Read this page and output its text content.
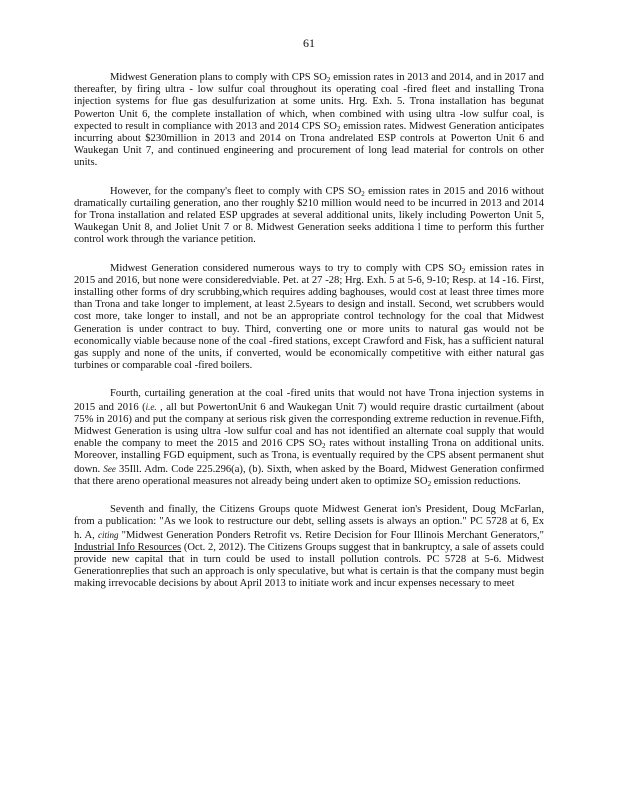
61

Midwest Generation plans to comply with CPS $SO_2$ emission rates in 2013 and 2014, and in 2017 and thereafter, by firing ultra - low sulfur coal throughout its operating coal -fired fleet and installing Trona injection systems for flue gas desulfurization at some units. Hrg. Exh. 5. Trona installation has begunat Powerton Unit 6, the complete installation of which, when combined with using ultra -low sulfur coal, is expected to result in compliance with 2013 and 2014 CPS $SO_2$ emission rates. Midwest Generation anticipates incurring about $230million in 2013 and 2014 on Trona andrelated ESP controls at Powerton Unit 6 and Waukegan Unit 7, and continued engineering and procurement of long lead material for controls on other units.

However, for the company's fleet to comply with CPS $SO_2$ emission rates in 2015 and 2016 without dramatically curtailing generation, ano ther roughly $210 million would need to be incurred in 2013 and 2014 for Trona installation and related ESP upgrades at several additional units, likely including Powerton Unit 5, Waukegan Unit 8, and Joliet Unit 7 or 8. Midwest Generation seeks additiona l time to perform this further control work through the variance petition.

Midwest Generation considered numerous ways to try to comply with CPS $SO_2$ emission rates in 2015 and 2016, but none were consideredviable. Pet. at 27 -28; Hrg. Exh. 5 at 5-6, 9-10; Resp. at 14 -16. First, installing other forms of dry scrubbing,which requires adding baghouses, would cost at least three times more than Trona and take longer to implement, at least 2.5years to design and install. Second, wet scrubbers would cost more, take longer to install, and not be an appropriate control technology for the coal that Midwest Generation is under contract to buy. Third, converting one or more units to natural gas would not be economically viable because none of the coal -fired stations, except Crawford and Fisk, has a sufficient natural gas supply and none of the units, if converted, would be economically competitive with either natural gas turbines or comparable coal -fired boilers.

Fourth, curtailing generation at the coal -fired units that would not have Trona injection systems in 2015 and 2016 (i.e. , all but PowertonUnit 6 and Waukegan Unit 7) would require drastic curtailment (about 75% in 2016) and put the company at serious risk given the corresponding extreme reduction in revenue.Fifth, Midwest Generation is using ultra -low sulfur coal and has not identified an alternate coal supply that would enable the company to meet the 2015 and 2016 CPS $SO_2$ rates without installing Trona on additional units. Moreover, installing FGD equipment, such as Trona, is eventually required by the CPS absent permanent shut down. See 35Ill. Adm. Code 225.296(a), (b). Sixth, when asked by the Board, Midwest Generation confirmed that there areno operational measures not already being undert aken to optimize $SO_2$ emission reductions.

Seventh and finally, the Citizens Groups quote Midwest Generat ion's President, Doug McFarlan, from a publication: "As we look to restructure our debt, selling assets is always an option." PC 5728 at 6, Ex h. A, citing "Midwest Generation Ponders Retrofit vs. Retire Decision for Four Illinois Merchant Generators," Industrial Info Resources (Oct. 2, 2012). The Citizens Groups suggest that in bankruptcy, a sale of assets could provide new capital that in turn could be used to install pollution controls. PC 5728 at 5-6. Midwest Generationreplies that such an approach is only speculative, but what is certain is that the company must begin making irrevocable decisions by about April 2013 to initiate work and incur expenses necessary to meet
